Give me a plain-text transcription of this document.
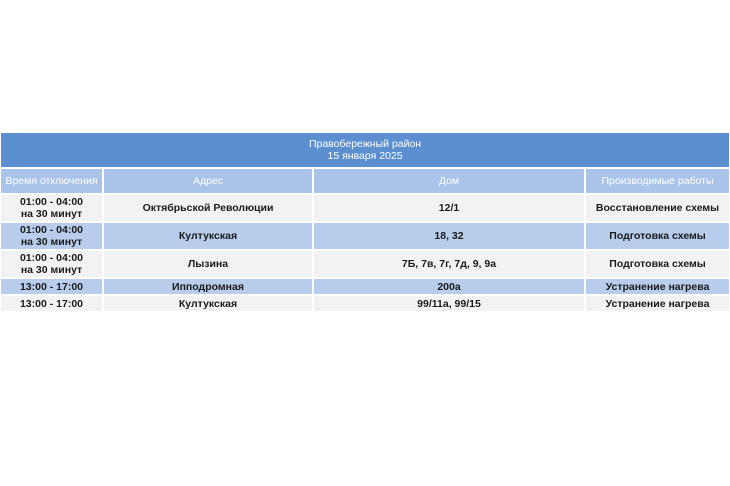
Правобережный район
15 января 2025			

Время отключения	Адрес	Дом	Производимые работы

01:00 - 04:00
на 30 минут	Октябрьской Революции	12/1	Восстановление схемы

01:00 - 04:00
на 30 минут	Култукская	18, 32	Подготовка схемы

01:00 - 04:00
на 30 минут	Лызина	7Б, 7в, 7г, 7д, 9, 9а	Подготовка схемы
13:00 - 17:00	Ипподромная	200а	Устранение нагрева
13:00 - 17:00	Култукская	99/11а, 99/15	Устранение нагрева
